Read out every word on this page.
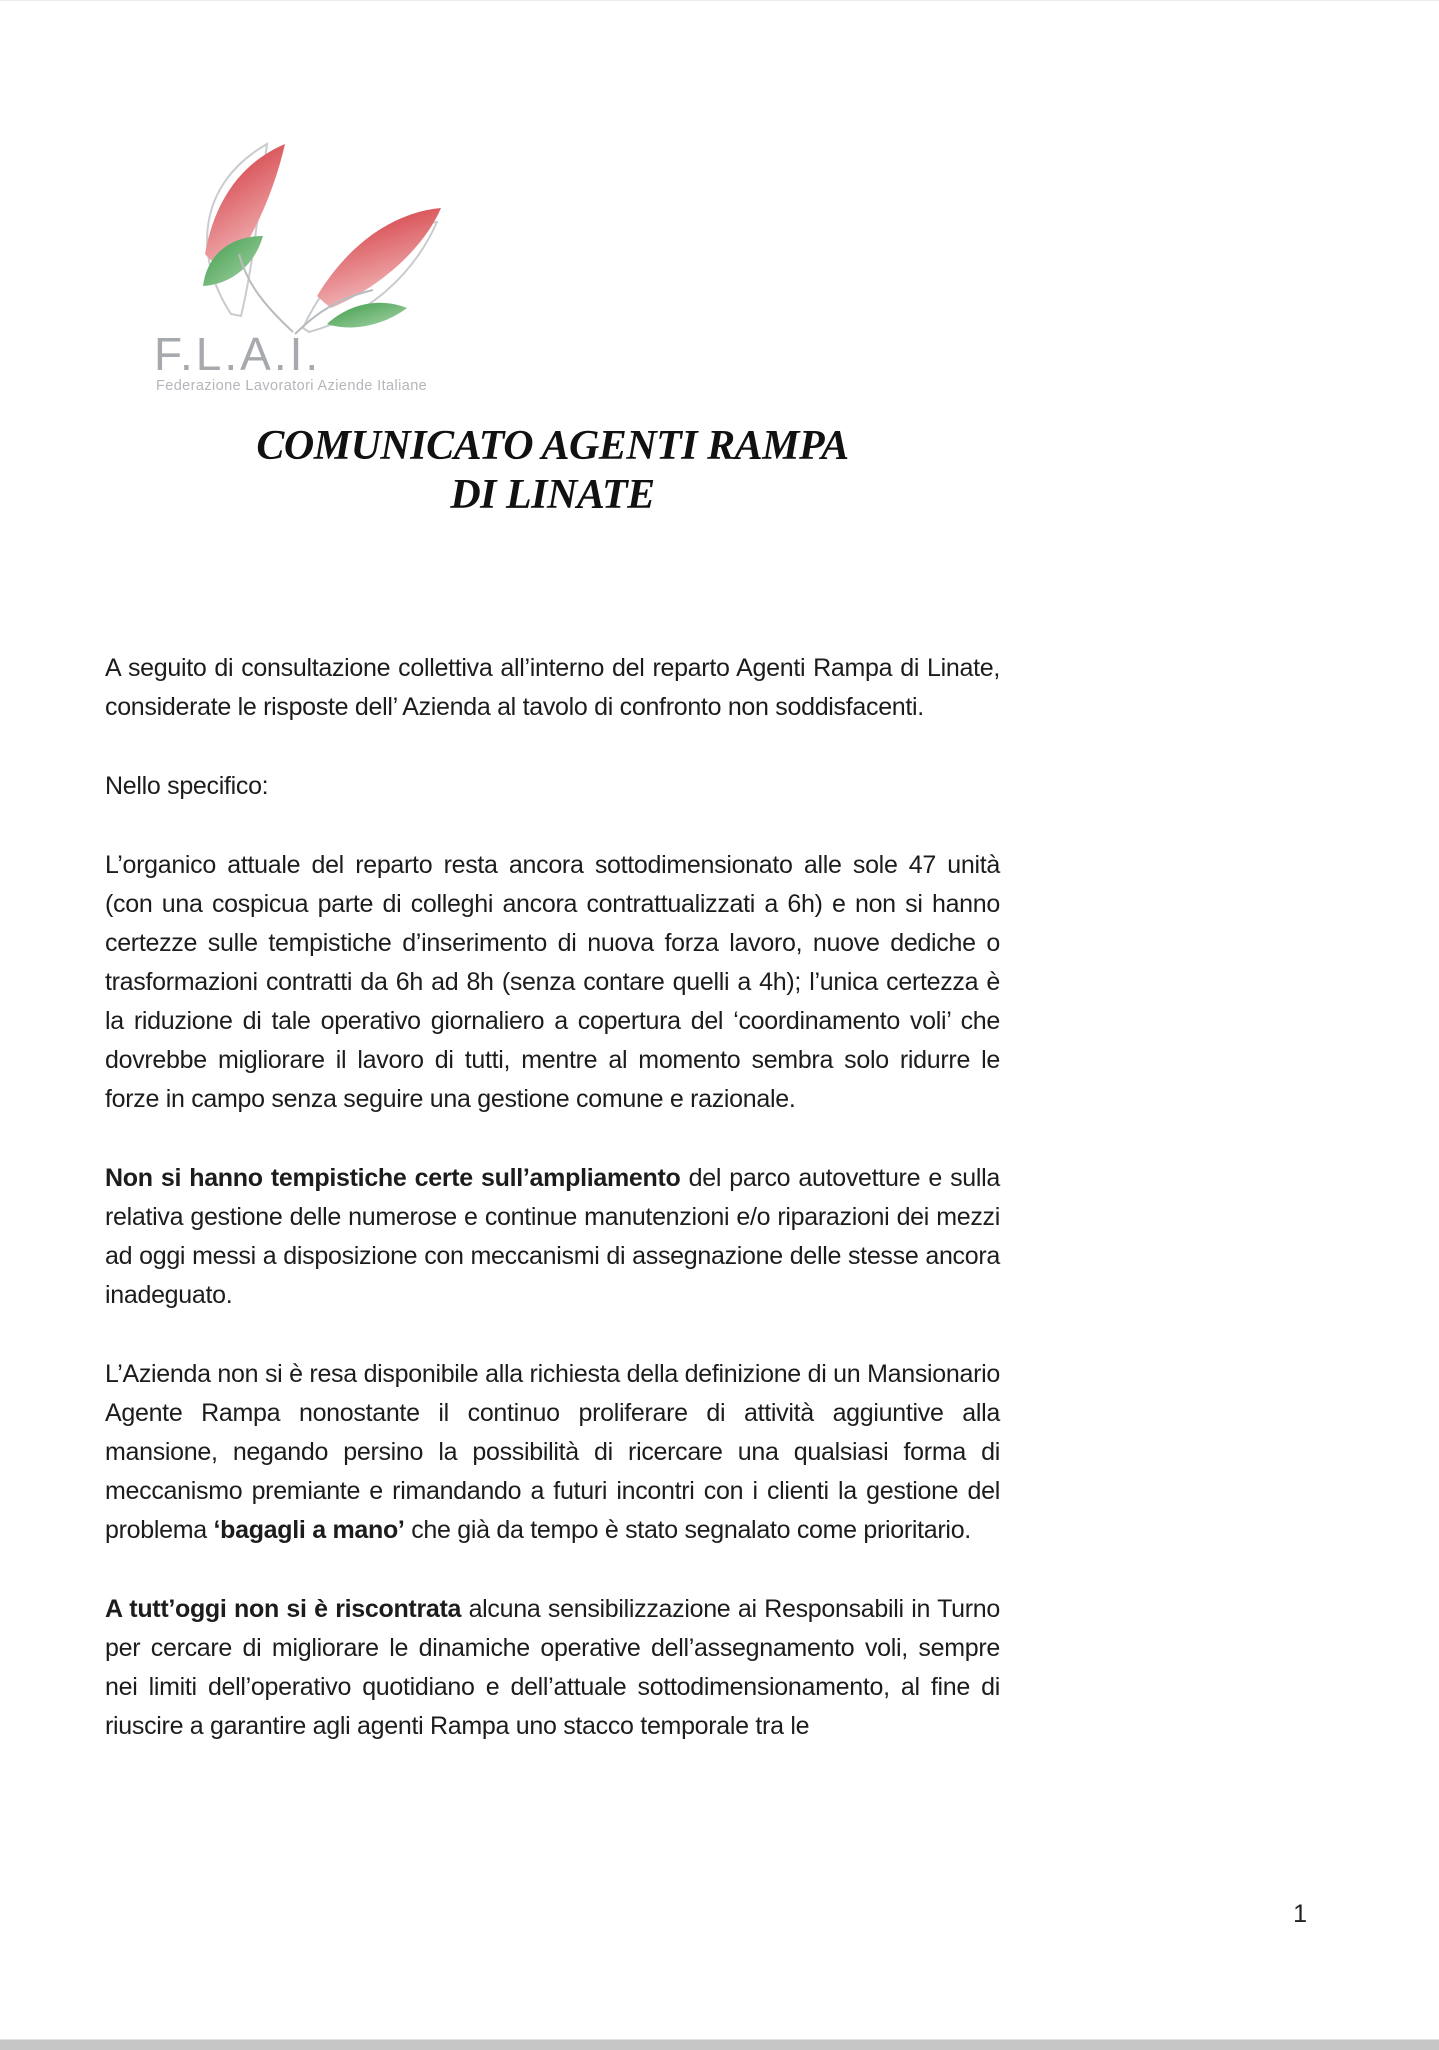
F.L.A.I.
Federazione Lavoratori Aziende Italiane
COMUNICATO AGENTI RAMPA
DI LINATE

A seguito di consultazione collettiva all’interno del reparto Agenti Rampa di Linate, considerate le risposte dell’ Azienda al tavolo di confronto non soddisfacenti.

Nello specifico:

L’organico attuale del reparto resta ancora sottodimensionato alle sole 47 unità (con una cospicua parte di colleghi ancora contrattualizzati a 6h) e non si hanno certezze sulle tempistiche d’inserimento di nuova forza lavoro, nuove dediche o trasformazioni contratti da 6h ad 8h (senza contare quelli a 4h); l’unica certezza è la riduzione di tale operativo giornaliero a copertura del ‘coordinamento voli’ che dovrebbe migliorare il lavoro di tutti, mentre al momento sembra solo ridurre le forze in campo senza seguire una gestione comune e razionale.

Non si hanno tempistiche certe sull’ampliamento del parco autovetture e sulla relativa gestione delle numerose e continue manutenzioni e/o riparazioni dei mezzi ad oggi messi a disposizione con meccanismi di assegnazione delle stesse ancora inadeguato.

L’Azienda non si è resa disponibile alla richiesta della definizione di un Mansionario Agente Rampa nonostante il continuo proliferare di attività aggiuntive alla mansione, negando persino la possibilità di ricercare una qualsiasi forma di meccanismo premiante e rimandando a futuri incontri con i clienti la gestione del problema ‘bagagli a mano’ che già da tempo è stato segnalato come prioritario.

A tutt’oggi non si è riscontrata alcuna sensibilizzazione ai Responsabili in Turno per cercare di migliorare le dinamiche operative dell’assegnamento voli, sempre nei limiti dell’operativo quotidiano e dell’attuale sottodimensionamento, al fine di riuscire a garantire agli agenti Rampa uno stacco temporale tra le

1
